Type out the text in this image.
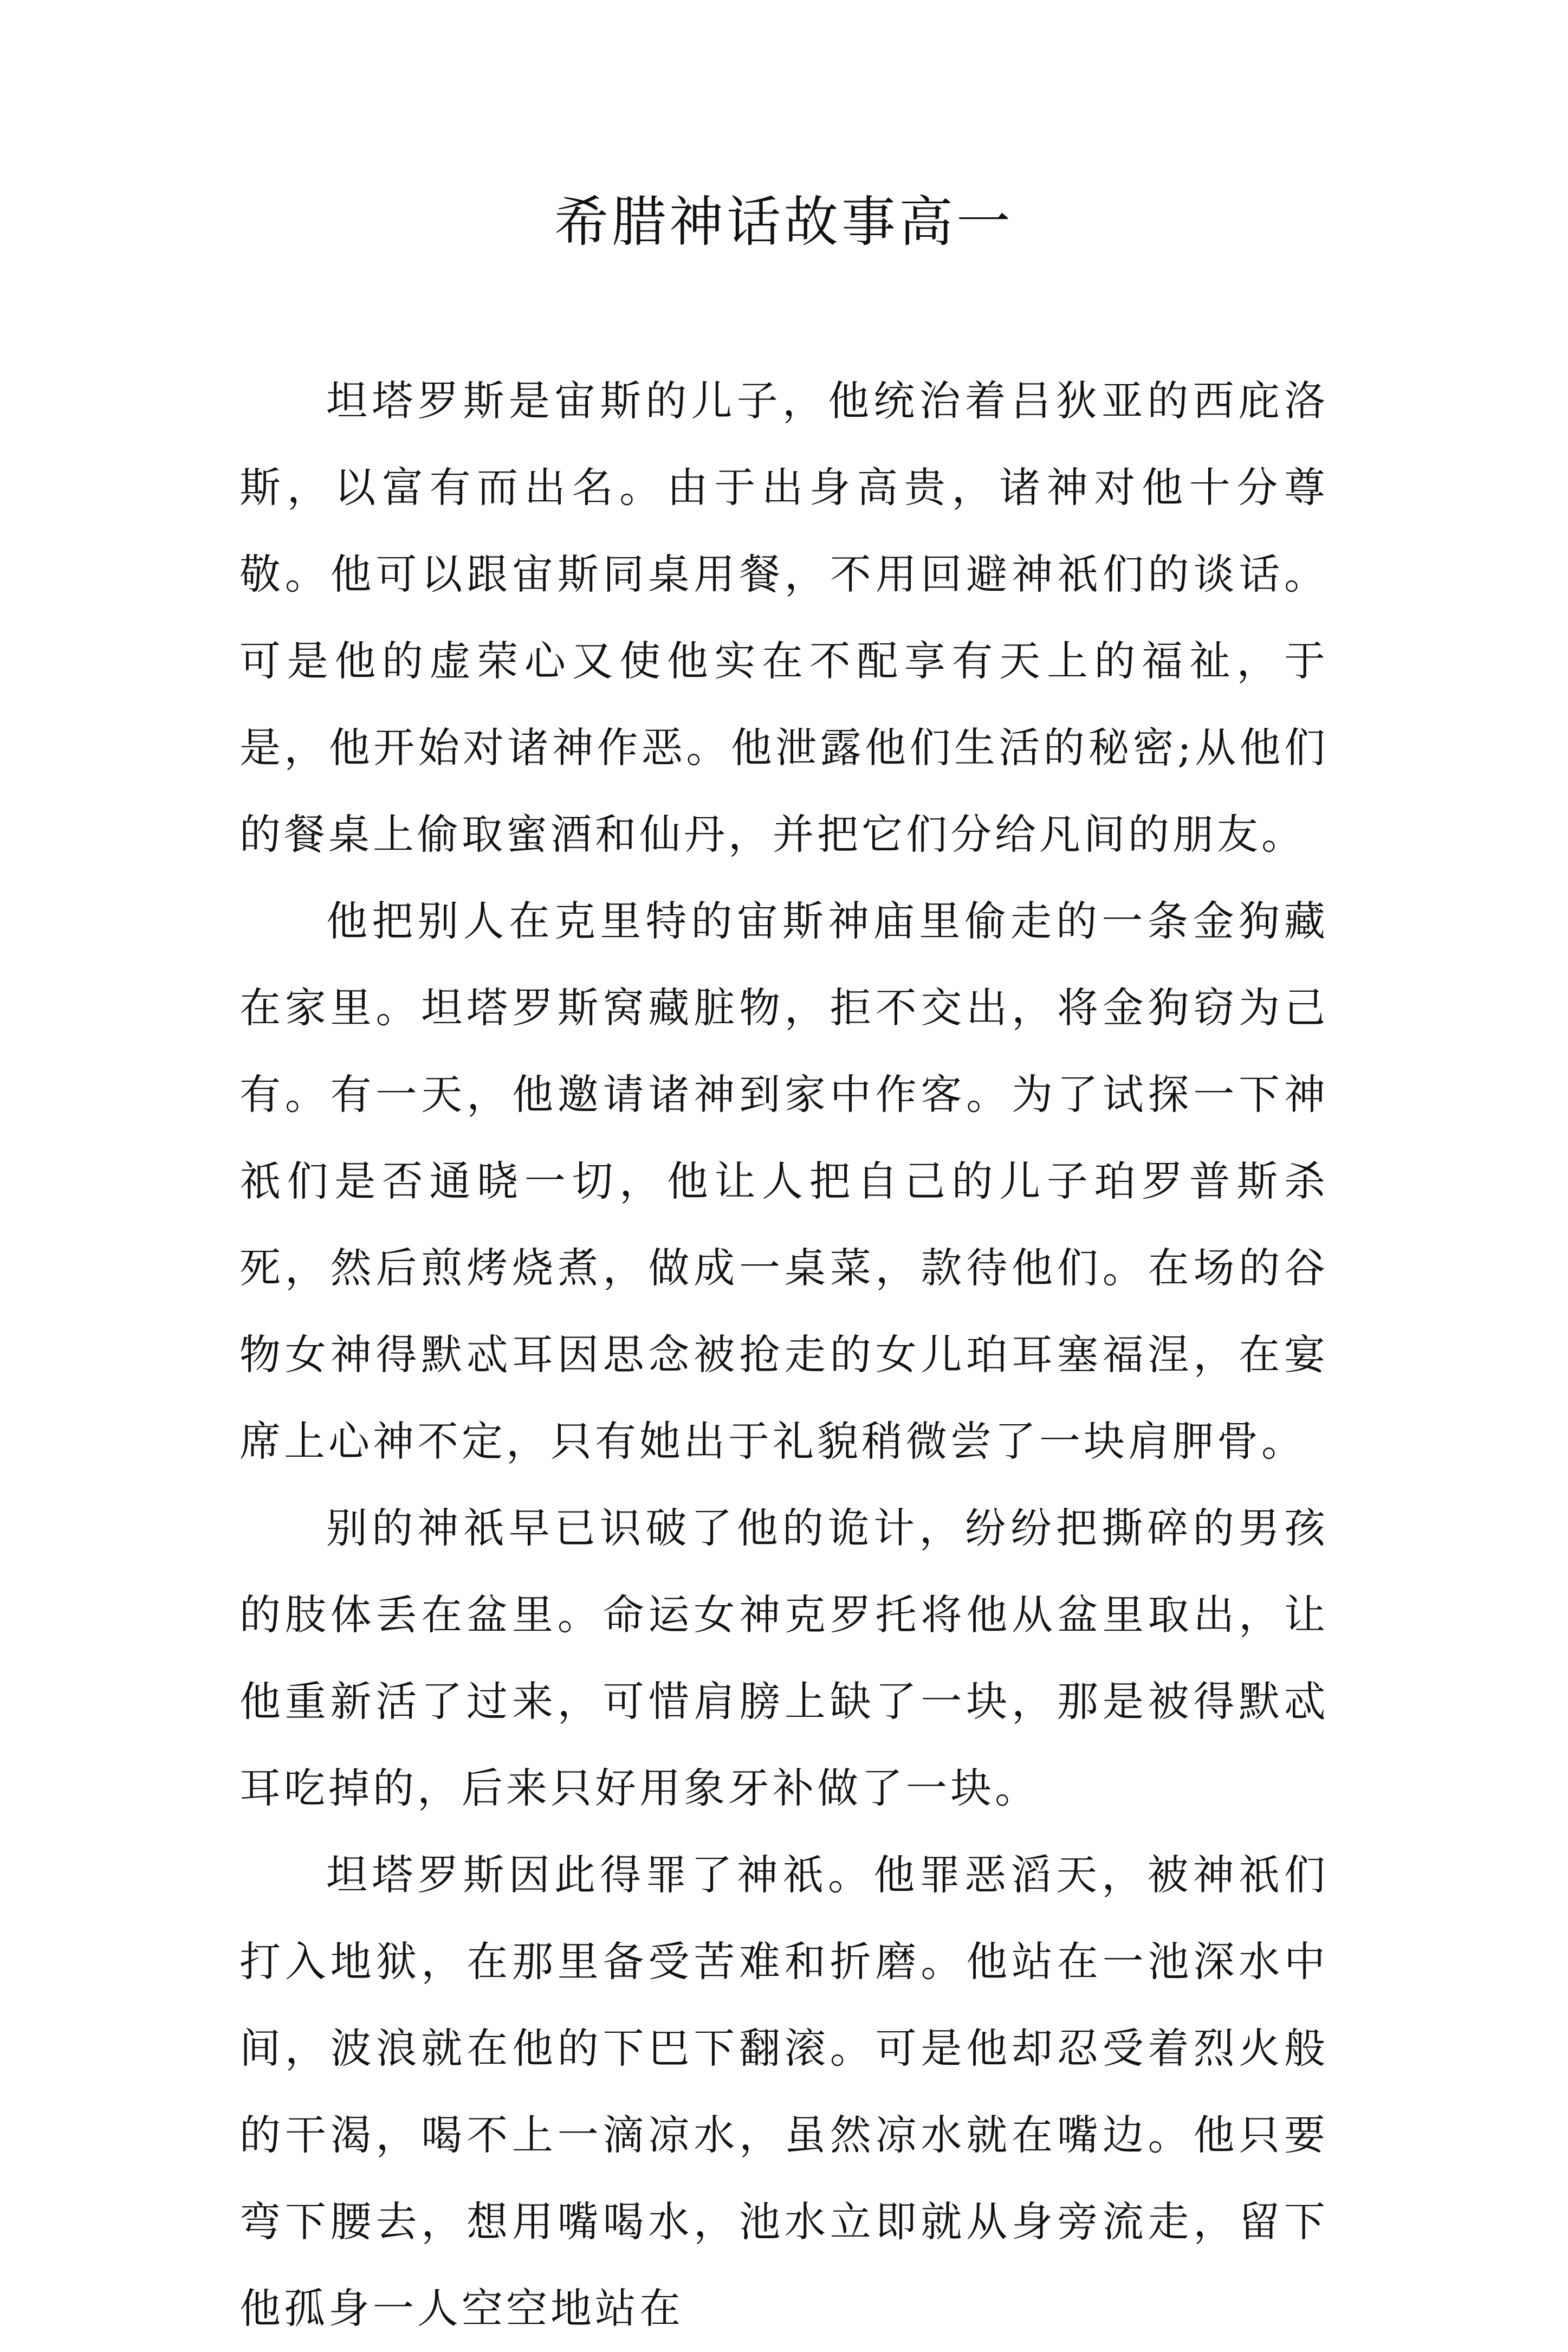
希腊神话故事高一

坦塔罗斯是宙斯的儿子，他统治着吕狄亚的西庇洛斯，以富有而出名。由于出身高贵，诸神对他十分尊敬。他可以跟宙斯同桌用餐，不用回避神祇们的谈话。可是他的虚荣心又使他实在不配享有天上的福祉，于是，他开始对诸神作恶。他泄露他们生活的秘密;从他们的餐桌上偷取蜜酒和仙丹，并把它们分给凡间的朋友。

他把别人在克里特的宙斯神庙里偷走的一条金狗藏在家里。坦塔罗斯窝藏脏物，拒不交出，将金狗窃为己有。有一天，他邀请诸神到家中作客。为了试探一下神祇们是否通晓一切，他让人把自己的儿子珀罗普斯杀死，然后煎烤烧煮，做成一桌菜，款待他们。在场的谷物女神得默忒耳因思念被抢走的女儿珀耳塞福涅，在宴席上心神不定，只有她出于礼貌稍微尝了一块肩胛骨。

别的神祇早已识破了他的诡计，纷纷把撕碎的男孩的肢体丢在盆里。命运女神克罗托将他从盆里取出，让他重新活了过来，可惜肩膀上缺了一块，那是被得默忒耳吃掉的，后来只好用象牙补做了一块。

坦塔罗斯因此得罪了神祇。他罪恶滔天，被神祇们打入地狱，在那里备受苦难和折磨。他站在一池深水中间，波浪就在他的下巴下翻滚。可是他却忍受着烈火般的干渴，喝不上一滴凉水，虽然凉水就在嘴边。他只要弯下腰去，想用嘴喝水，池水立即就从身旁流走，留下他孤身一人空空地站在
